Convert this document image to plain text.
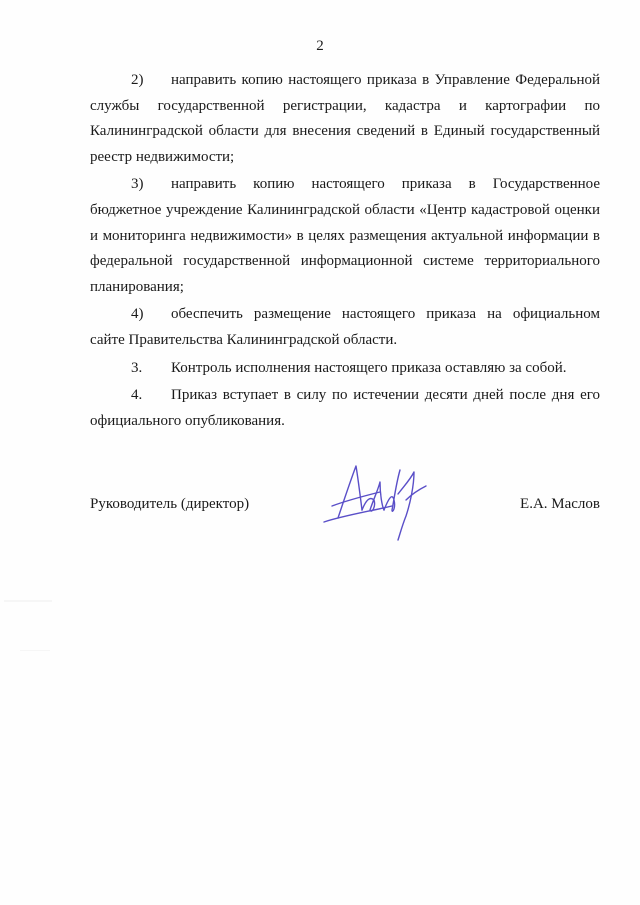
2

2) направить копию настоящего приказа в Управление Федеральной службы государственной регистрации, кадастра и картографии по Калининградской области для внесения сведений в Единый государственный реестр недвижимости;

3) направить копию настоящего приказа в Государственное бюджетное учреждение Калининградской области «Центр кадастровой оценки и мониторинга недвижимости» в целях размещения актуальной информации в федеральной государственной информационной системе территориального планирования;

4) обеспечить размещение настоящего приказа на официальном сайте Правительства Калининградской области.

3. Контроль исполнения настоящего приказа оставляю за собой.

4. Приказ вступает в силу по истечении десяти дней после дня его официального опубликования.

Руководитель (директор)	Е.А. Маслов
